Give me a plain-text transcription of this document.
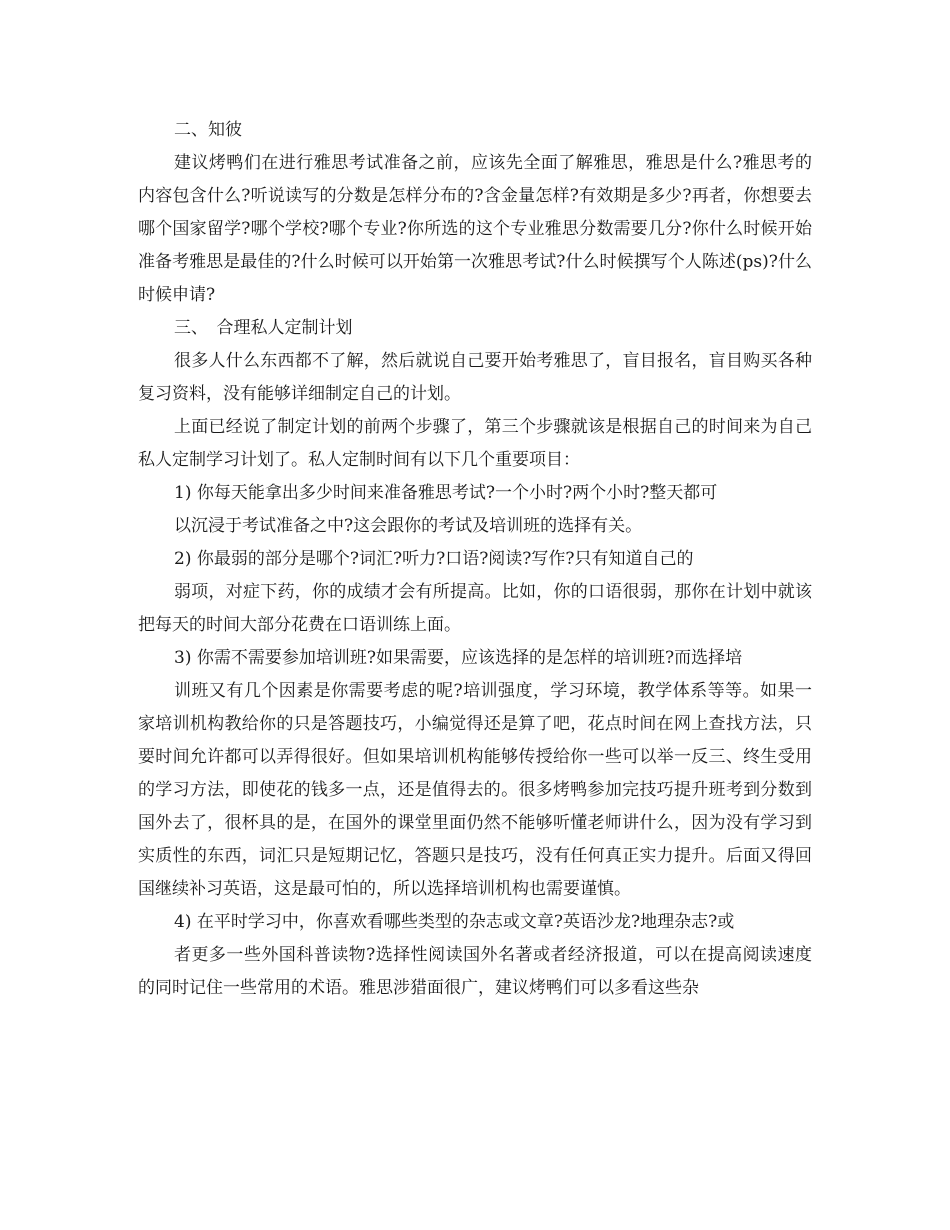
二、知彼

建议烤鸭们在进行雅思考试准备之前，应该先全面了解雅思，雅思是什么?雅思考的内容包含什么?听说读写的分数是怎样分布的?含金量怎样?有效期是多少?再者，你想要去哪个国家留学?哪个学校?哪个专业?你所选的这个专业雅思分数需要几分?你什么时候开始准备考雅思是最佳的?什么时候可以开始第一次雅思考试?什么时候撰写个人陈述(ps)?什么时候申请?

三、　合理私人定制计划

很多人什么东西都不了解，然后就说自己要开始考雅思了，盲目报名，盲目购买各种复习资料，没有能够详细制定自己的计划。

上面已经说了制定计划的前两个步骤了，第三个步骤就该是根据自己的时间来为自己私人定制学习计划了。私人定制时间有以下几个重要项目：

1) 你每天能拿出多少时间来准备雅思考试?一个小时?两个小时?整天都可

以沉浸于考试准备之中?这会跟你的考试及培训班的选择有关。

2) 你最弱的部分是哪个?词汇?听力?口语?阅读?写作?只有知道自己的

弱项，对症下药，你的成绩才会有所提高。比如，你的口语很弱，那你在计划中就该把每天的时间大部分花费在口语训练上面。

3) 你需不需要参加培训班?如果需要，应该选择的是怎样的培训班?而选择培

训班又有几个因素是你需要考虑的呢?培训强度，学习环境，教学体系等等。如果一家培训机构教给你的只是答题技巧，小编觉得还是算了吧，花点时间在网上查找方法，只要时间允许都可以弄得很好。但如果培训机构能够传授给你一些可以举一反三、终生受用的学习方法，即使花的钱多一点，还是值得去的。很多烤鸭参加完技巧提升班考到分数到国外去了，很杯具的是，在国外的课堂里面仍然不能够听懂老师讲什么，因为没有学习到实质性的东西，词汇只是短期记忆，答题只是技巧，没有任何真正实力提升。后面又得回国继续补习英语，这是最可怕的，所以选择培训机构也需要谨慎。

4) 在平时学习中，你喜欢看哪些类型的杂志或文章?英语沙龙?地理杂志?或

者更多一些外国科普读物?选择性阅读国外名著或者经济报道，可以在提高阅读速度的同时记住一些常用的术语。雅思涉猎面很广，建议烤鸭们可以多看这些杂
